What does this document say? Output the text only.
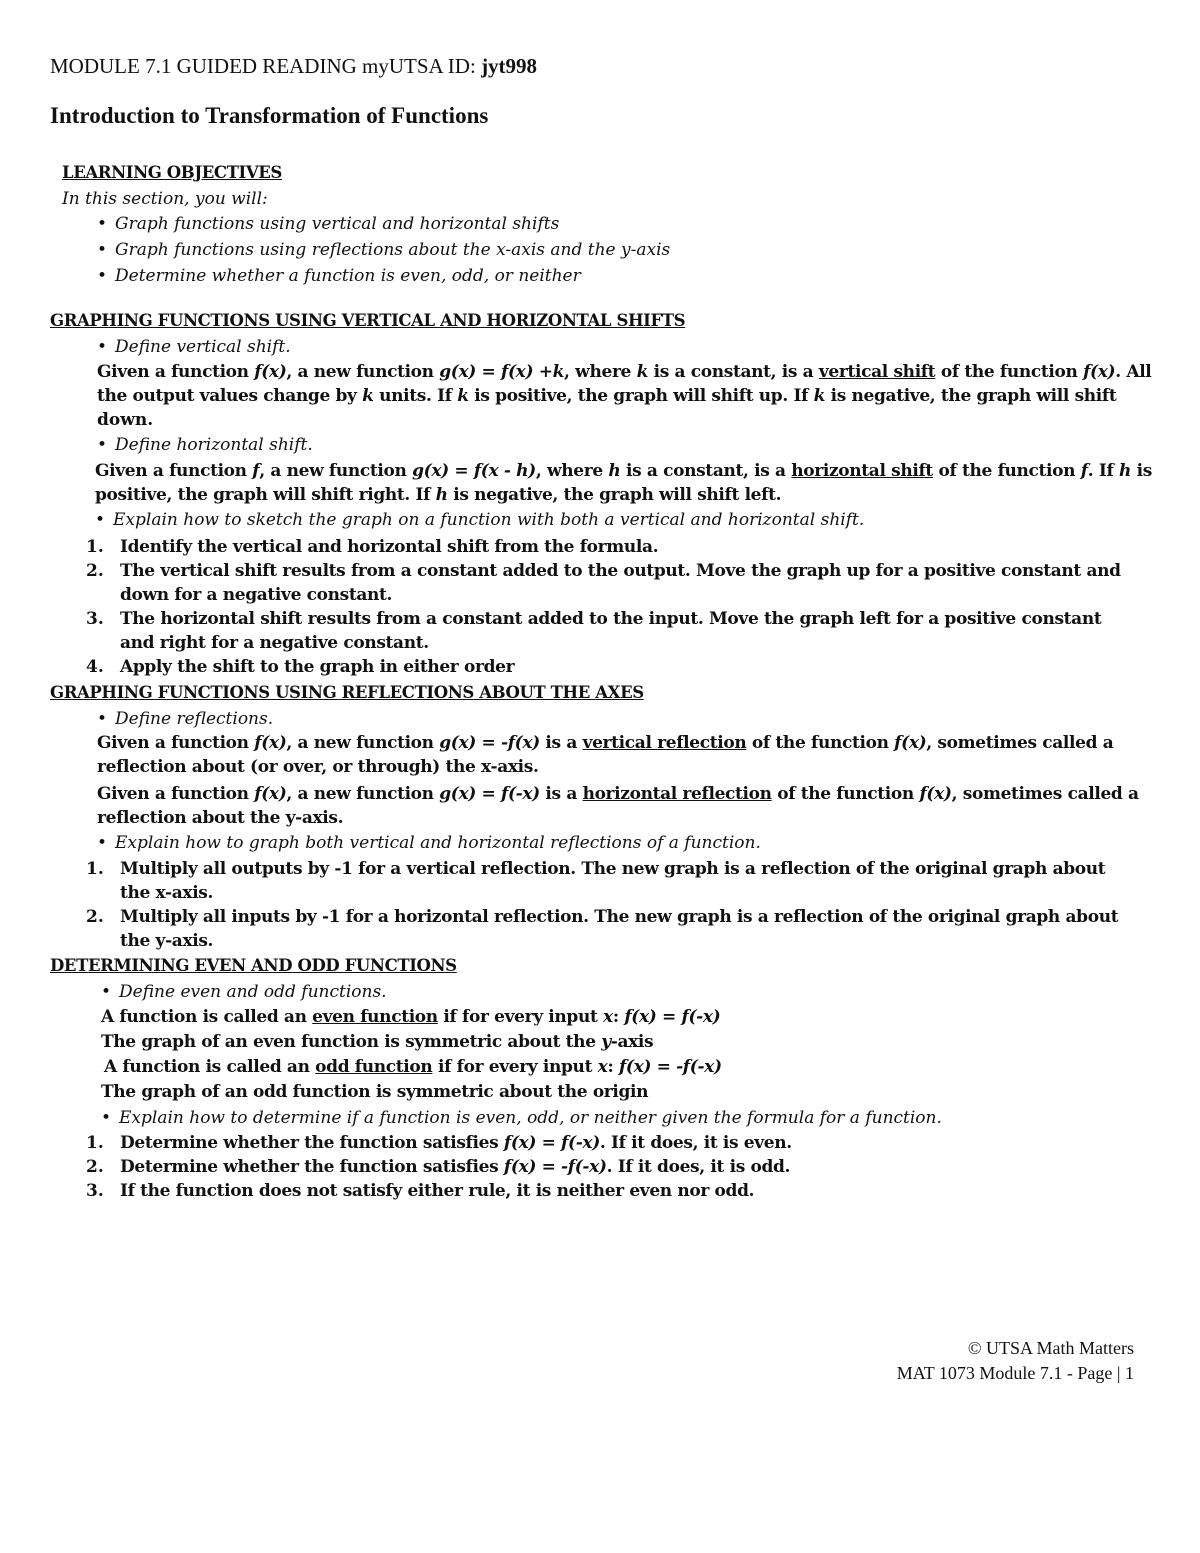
MODULE 7.1 GUIDED READING myUTSA ID: jyt998
Introduction to Transformation of Functions
LEARNING OBJECTIVES
In this section, you will:
• Graph functions using vertical and horizontal shifts
• Graph functions using reflections about the x-axis and the y-axis
• Determine whether a function is even, odd, or neither
GRAPHING FUNCTIONS USING VERTICAL AND HORIZONTAL SHIFTS
• Define vertical shift.
Given a function f(x), a new function g(x) = f(x) +k, where k is a constant, is a vertical shift of the function f(x). All
the output values change by k units. If k is positive, the graph will shift up. If k is negative, the graph will shift
down.
• Define horizontal shift.
Given a function f, a new function g(x) = f(x - h), where h is a constant, is a horizontal shift of the function f. If h is
positive, the graph will shift right. If h is negative, the graph will shift left.
• Explain how to sketch the graph on a function with both a vertical and horizontal shift.
1. Identify the vertical and horizontal shift from the formula.
2. The vertical shift results from a constant added to the output. Move the graph up for a positive constant and
down for a negative constant.
3. The horizontal shift results from a constant added to the input. Move the graph left for a positive constant
and right for a negative constant.
4. Apply the shift to the graph in either order
GRAPHING FUNCTIONS USING REFLECTIONS ABOUT THE AXES
• Define reflections.
Given a function f(x), a new function g(x) = -f(x) is a vertical reflection of the function f(x), sometimes called a
reflection about (or over, or through) the x-axis.
Given a function f(x), a new function g(x) = f(-x) is a horizontal reflection of the function f(x), sometimes called a
reflection about the y-axis.
• Explain how to graph both vertical and horizontal reflections of a function.
1. Multiply all outputs by -1 for a vertical reflection. The new graph is a reflection of the original graph about
the x-axis.
2. Multiply all inputs by -1 for a horizontal reflection. The new graph is a reflection of the original graph about
the y-axis.
DETERMINING EVEN AND ODD FUNCTIONS
• Define even and odd functions.
A function is called an even function if for every input x: f(x) = f(-x)
The graph of an even function is symmetric about the y-axis
A function is called an odd function if for every input x: f(x) = -f(-x)
The graph of an odd function is symmetric about the origin
• Explain how to determine if a function is even, odd, or neither given the formula for a function.
1. Determine whether the function satisfies f(x) = f(-x). If it does, it is even.
2. Determine whether the function satisfies f(x) = -f(-x). If it does, it is odd.
3. If the function does not satisfy either rule, it is neither even nor odd.
© UTSA Math Matters
MAT 1073 Module 7.1 - Page | 1
